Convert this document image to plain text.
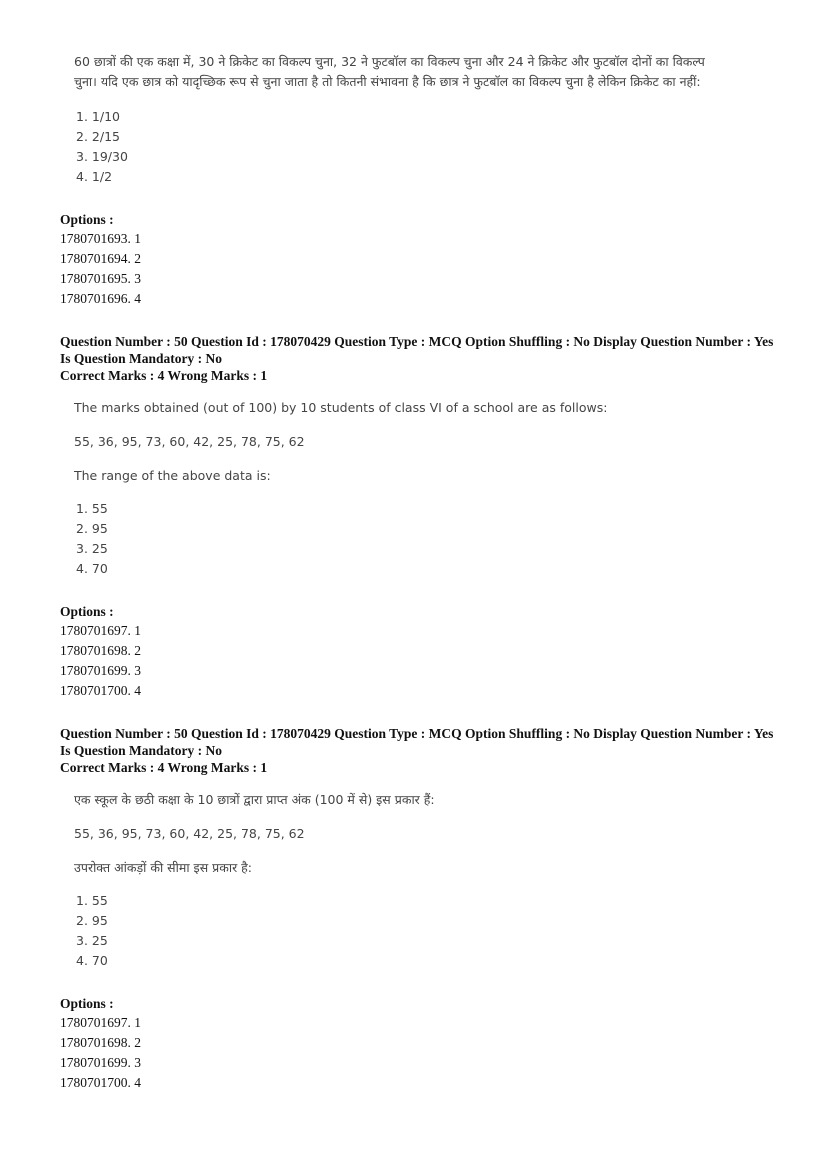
60 छात्रों की एक कक्षा में, 30 ने क्रिकेट का विकल्प चुना, 32 ने फुटबॉल का विकल्प चुना और 24 ने क्रिकेट और फुटबॉल दोनों का विकल्प

चुना। यदि एक छात्र को यादृच्छिक रूप से चुना जाता है तो कितनी संभावना है कि छात्र ने फुटबॉल का विकल्प चुना है लेकिन क्रिकेट का नहीं:

1. 1/10

2. 2/15

3. 19/30

4. 1/2

Options :

1780701693. 1

1780701694. 2

1780701695. 3

1780701696. 4

Question Number : 50 Question Id : 178070429 Question Type : MCQ Option Shuffling : No Display Question Number : Yes

Is Question Mandatory : No

Correct Marks : 4 Wrong Marks : 1

The marks obtained (out of 100) by 10 students of class VI of a school are as follows:

55, 36, 95, 73, 60, 42, 25, 78, 75, 62

The range of the above data is:

1. 55

2. 95

3. 25

4. 70

Options :

1780701697. 1

1780701698. 2

1780701699. 3

1780701700. 4

Question Number : 50 Question Id : 178070429 Question Type : MCQ Option Shuffling : No Display Question Number : Yes

Is Question Mandatory : No

Correct Marks : 4 Wrong Marks : 1

एक स्कूल के छठी कक्षा के 10 छात्रों द्वारा प्राप्त अंक (100 में से) इस प्रकार हैं:

55, 36, 95, 73, 60, 42, 25, 78, 75, 62

उपरोक्त आंकड़ों की सीमा इस प्रकार है:

1. 55

2. 95

3. 25

4. 70

Options :

1780701697. 1

1780701698. 2

1780701699. 3

1780701700. 4
